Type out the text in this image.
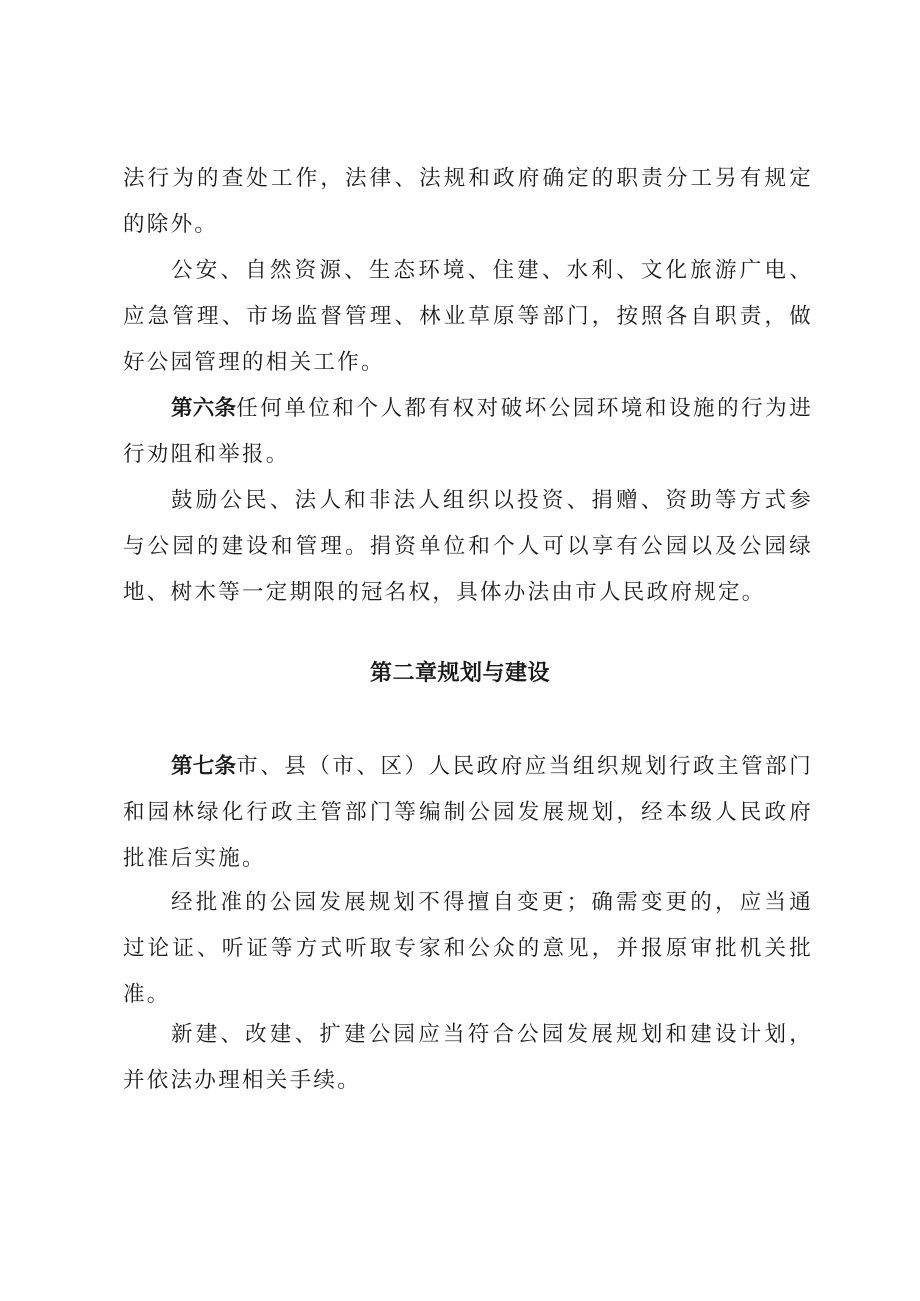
法行为的查处工作，法律、法规和政府确定的职责分工另有规定的除外。

公安、自然资源、生态环境、住建、水利、文化旅游广电、应急管理、市场监督管理、林业草原等部门，按照各自职责，做好公园管理的相关工作。

第六条任何单位和个人都有权对破坏公园环境和设施的行为进行劝阻和举报。

鼓励公民、法人和非法人组织以投资、捐赠、资助等方式参与公园的建设和管理。捐资单位和个人可以享有公园以及公园绿地、树木等一定期限的冠名权，具体办法由市人民政府规定。

第二章规划与建设

第七条市、县（市、区）人民政府应当组织规划行政主管部门和园林绿化行政主管部门等编制公园发展规划，经本级人民政府批准后实施。

经批准的公园发展规划不得擅自变更；确需变更的，应当通过论证、听证等方式听取专家和公众的意见，并报原审批机关批准。

新建、改建、扩建公园应当符合公园发展规划和建设计划，并依法办理相关手续。
